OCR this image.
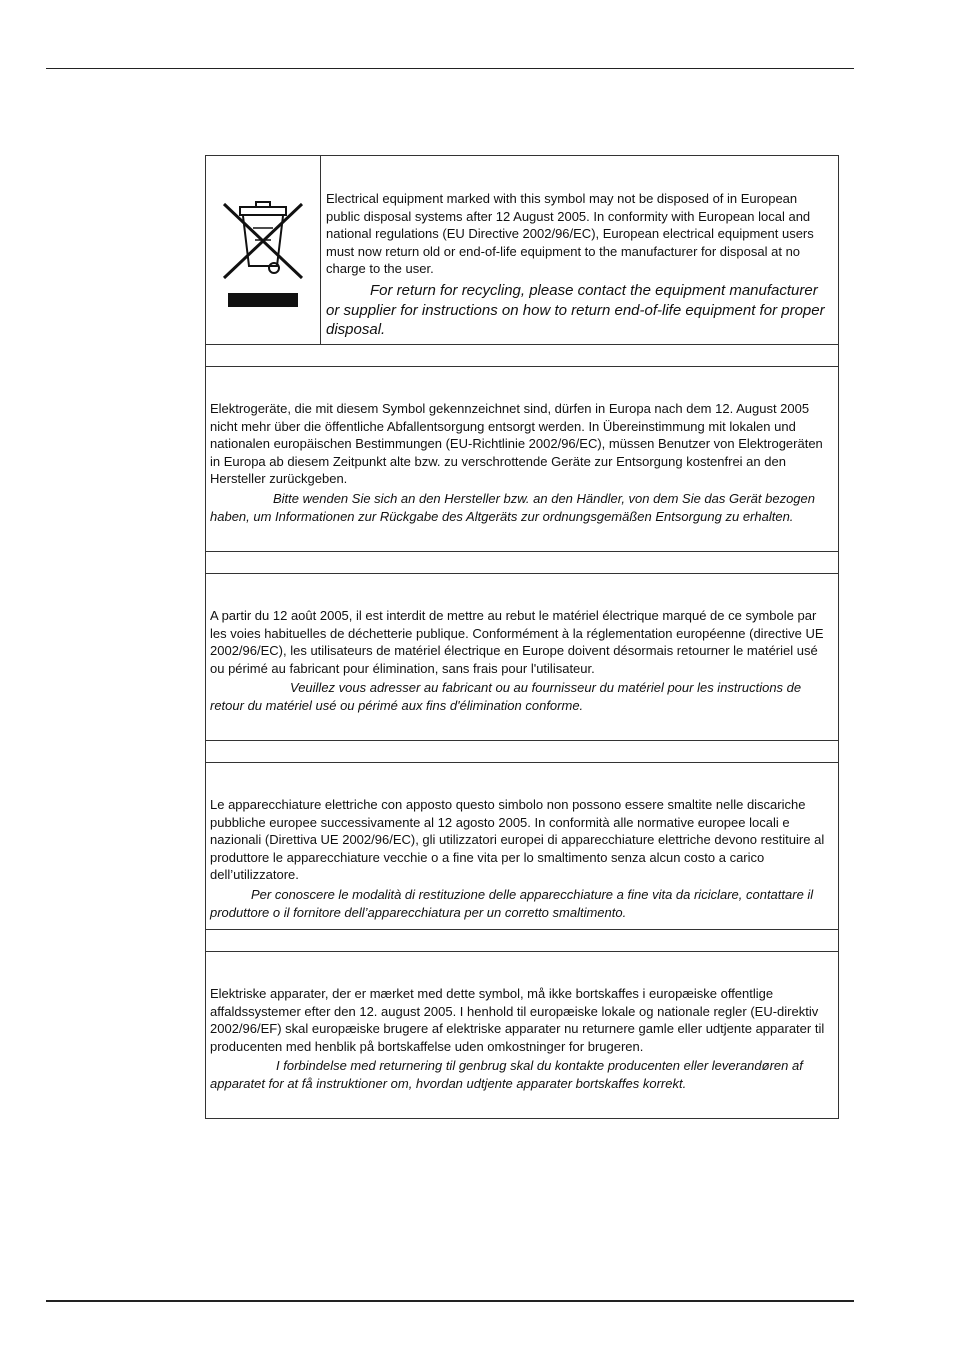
Electrical equipment marked with this symbol may not be disposed of in European public disposal systems after 12 August 2005. In conformity with European local and national regulations (EU Directive 2002/96/EC), European electrical equipment users must now return old or end-of-life equipment to the manufacturer for disposal at no charge to the user.

For return for recycling, please contact the equipment manufacturer or supplier for instructions on how to return end-of-life equipment for proper disposal.

Elektrogeräte, die mit diesem Symbol gekennzeichnet sind, dürfen in Europa nach dem 12. August 2005 nicht mehr über die öffentliche Abfallentsorgung entsorgt werden. In Übereinstimmung mit lokalen und nationalen europäischen Bestimmungen (EU-Richtlinie 2002/96/EC), müssen Benutzer von Elektrogeräten in Europa ab diesem Zeitpunkt alte bzw. zu verschrottende Geräte zur Entsorgung kostenfrei an den Hersteller zurückgeben.

Bitte wenden Sie sich an den Hersteller bzw. an den Händler, von dem Sie das Gerät bezogen haben, um Informationen zur Rückgabe des Altgeräts zur ordnungsgemäßen Entsorgung zu erhalten.

A partir du 12 août 2005, il est interdit de mettre au rebut le matériel électrique marqué de ce symbole par les voies habituelles de déchetterie publique. Conformément à la réglementation européenne (directive UE 2002/96/EC), les utilisateurs de matériel électrique en Europe doivent désormais retourner le matériel usé ou périmé au fabricant pour élimination, sans frais pour l'utilisateur.

Veuillez vous adresser au fabricant ou au fournisseur du matériel pour les instructions de retour du matériel usé ou périmé aux fins d'élimination conforme.

Le apparecchiature elettriche con apposto questo simbolo non possono essere smaltite nelle discariche pubbliche europee successivamente al 12 agosto 2005. In conformità alle normative europee locali e nazionali (Direttiva UE 2002/96/EC), gli utilizzatori europei di apparecchiature elettriche devono restituire al produttore le apparecchiature vecchie o a fine vita per lo smaltimento senza alcun costo a carico dell’utilizzatore.

Per conoscere le modalità di restituzione delle apparecchiature a fine vita da riciclare, contattare il produttore o il fornitore dell’apparecchiatura per un corretto smaltimento.

Elektriske apparater, der er mærket med dette symbol, må ikke bortskaffes i europæiske offentlige affaldssystemer efter den 12. august 2005. I henhold til europæiske lokale og nationale regler (EU-direktiv 2002/96/EF) skal europæiske brugere af elektriske apparater nu returnere gamle eller udtjente apparater til producenten med henblik på bortskaffelse uden omkostninger for brugeren.

I forbindelse med returnering til genbrug skal du kontakte producenten eller leverandøren af apparatet for at få instruktioner om, hvordan udtjente apparater bortskaffes korrekt.
